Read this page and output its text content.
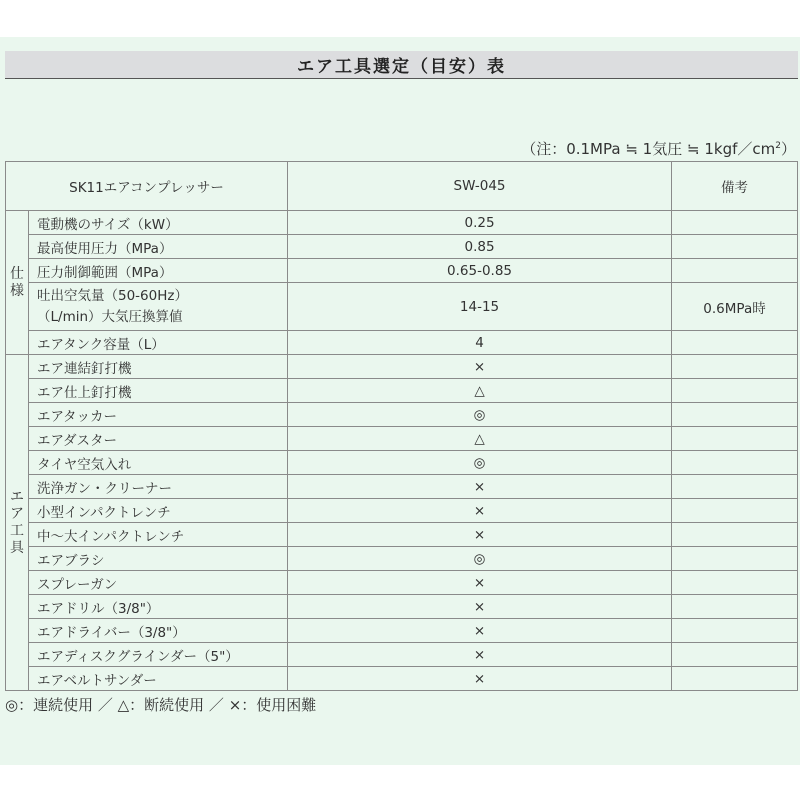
エア工具選定（目安）表
（注：0.1MPa ≒ 1気圧 ≒ $1kgf/cm^2$）
SK11エアコンプレッサー		SW-045	備考
仕
様	電動機のサイズ（kW）	0.25	
	最高使用圧力（MPa）	0.85	
	圧力制御範囲（MPa）	0.65-0.85	

	吐出空気量（50-60Hz）
（L/min）大気圧換算値	14-15	0.6MPa時
	エアタンク容量（L）	4	
エ
ア
工
具	エア連結釘打機	×	
	エア仕上釘打機	△	
	エアタッカー	◎	
	エアダスター	△	
	タイヤ空気入れ	◎	
	洗浄ガン・クリーナー	×	
	小型インパクトレンチ	×	
	中～大インパクトレンチ	×	
	エアブラシ	◎	
	スプレーガン	×	
	エアドリル（3/8"）	×	
	エアドライバー（3/8"）	×	
	エアディスクグラインダー（5"）	×	
	エアベルトサンダー	×	
◎：連続使用 ／ △：断続使用 ／ ×：使用困難
